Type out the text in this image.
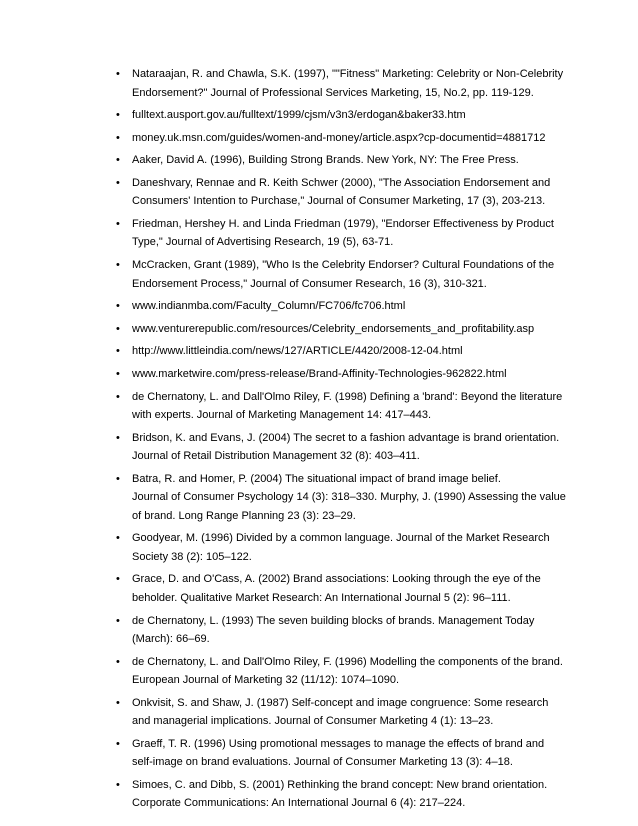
• Nataraajan, R. and Chawla, S.K. (1997), ""Fitness" Marketing: Celebrity or Non-Celebrity
Endorsement?" Journal of Professional Services Marketing, 15, No.2, pp. 119-129.
• fulltext.ausport.gov.au/fulltext/1999/cjsm/v3n3/erdogan&baker33.htm
• money.uk.msn.com/guides/women-and-money/article.aspx?cp-documentid=4881712
• Aaker, David A. (1996), Building Strong Brands. New York, NY: The Free Press.
• Daneshvary, Rennae and R. Keith Schwer (2000), "The Association Endorsement and
Consumers' Intention to Purchase," Journal of Consumer Marketing, 17 (3), 203-213.
• Friedman, Hershey H. and Linda Friedman (1979), "Endorser Effectiveness by Product
Type," Journal of Advertising Research, 19 (5), 63-71.
• McCracken, Grant (1989), "Who Is the Celebrity Endorser? Cultural Foundations of the
Endorsement Process," Journal of Consumer Research, 16 (3), 310-321.
• www.indianmba.com/Faculty_Column/FC706/fc706.html
• www.venturerepublic.com/resources/Celebrity_endorsements_and_profitability.asp
• http://www.littleindia.com/news/127/ARTICLE/4420/2008-12-04.html
• www.marketwire.com/press-release/Brand-Affinity-Technologies-962822.html
• de Chernatony, L. and Dall'Olmo Riley, F. (1998) Defining a 'brand': Beyond the literature
with experts. Journal of Marketing Management 14: 417–443.
• Bridson, K. and Evans, J. (2004) The secret to a fashion advantage is brand orientation.
Journal of Retail Distribution Management 32 (8): 403–411.
• Batra, R. and Homer, P. (2004) The situational impact of brand image belief.
Journal of Consumer Psychology 14 (3): 318–330. Murphy, J. (1990) Assessing the value
of brand. Long Range Planning 23 (3): 23–29.
• Goodyear, M. (1996) Divided by a common language. Journal of the Market Research
Society 38 (2): 105–122.
• Grace, D. and O'Cass, A. (2002) Brand associations: Looking through the eye of the
beholder. Qualitative Market Research: An International Journal 5 (2): 96–111.
• de Chernatony, L. (1993) The seven building blocks of brands. Management Today
(March): 66–69.
• de Chernatony, L. and Dall'Olmo Riley, F. (1996) Modelling the components of the brand.
European Journal of Marketing 32 (11/12): 1074–1090.
• Onkvisit, S. and Shaw, J. (1987) Self-concept and image congruence: Some research
and managerial implications. Journal of Consumer Marketing 4 (1): 13–23.
• Graeff, T. R. (1996) Using promotional messages to manage the effects of brand and
self-image on brand evaluations. Journal of Consumer Marketing 13 (3): 4–18.
• Simoes, C. and Dibb, S. (2001) Rethinking the brand concept: New brand orientation.
Corporate Communications: An International Journal 6 (4): 217–224.
